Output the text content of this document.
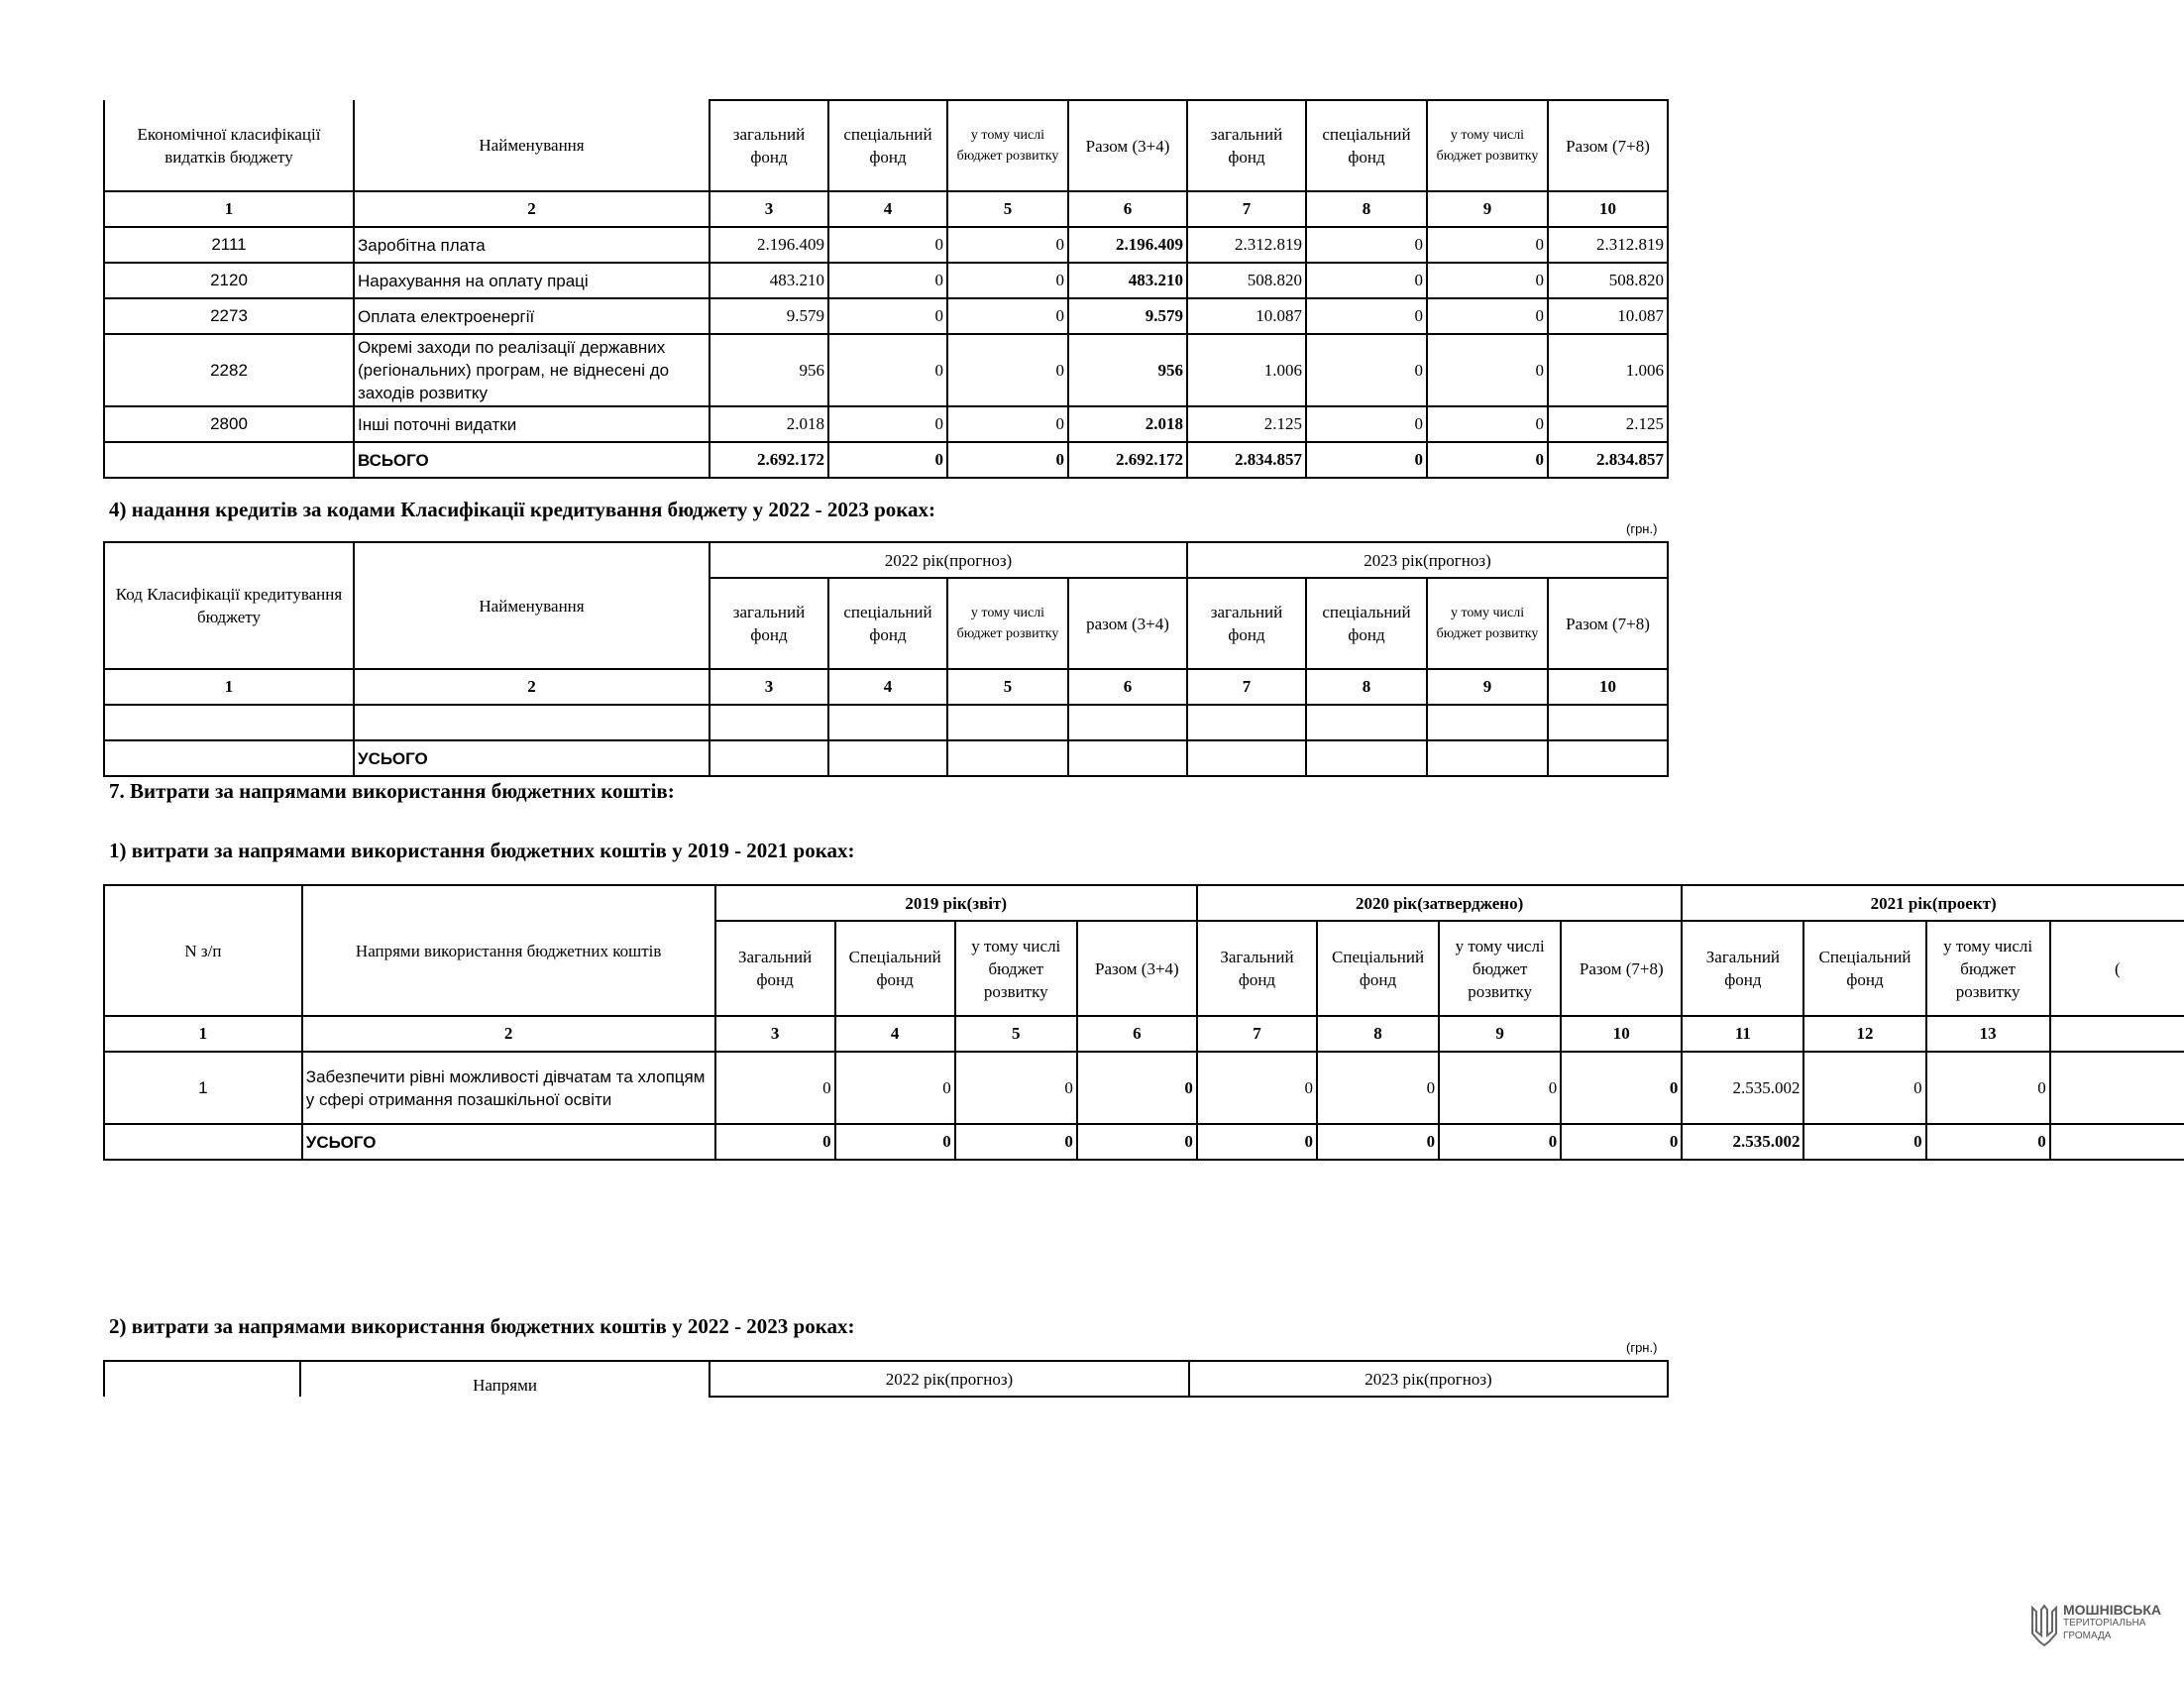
Економічної класифікації видатків бюджету	Найменування	загальний фонд	спеціальний фонд	у тому числі бюджет розвитку	Разом (3+4)	загальний фонд	спеціальний фонд	у тому числі бюджет розвитку	Разом (7+8)
1	2	3	4	5	6	7	8	9	10
2111	Заробітна плата	2.196.409	0	0	2.196.409	2.312.819	0	0	2.312.819
2120	Нарахування на оплату праці	483.210	0	0	483.210	508.820	0	0	508.820
2273	Оплата електроенергії	9.579	0	0	9.579	10.087	0	0	10.087
2282	Окремі заходи по реалізації державних (регіональних) програм, не віднесені до заходів розвитку	956	0	0	956	1.006	0	0	1.006
2800	Інші поточні видатки	2.018	0	0	2.018	2.125	0	0	2.125
	ВСЬОГО	2.692.172	0	0	2.692.172	2.834.857	0	0	2.834.857
4) надання кредитів за кодами Класифікації кредитування бюджету у 2022 - 2023 роках:
(грн.)
Код Класифікації кредитування бюджету	Найменування	2022 рік(прогноз)				2023 рік(прогноз)			
		загальний фонд	спеціальний фонд	у тому числі бюджет розвитку	разом (3+4)	загальний фонд	спеціальний фонд	у тому числі бюджет розвитку	Разом (7+8)
1	2	3	4	5	6	7	8	9	10

	УСЬОГО								
7. Витрати за напрямами використання бюджетних коштів:
1) витрати за напрямами використання бюджетних коштів у 2019 - 2021 роках:
N з/п	Напрями використання бюджетних коштів	2019 рік(звіт)				2020 рік(затверджено)				2021 рік(проект)			
		Загальний фонд	Спеціальний фонд	у тому числі бюджет розвитку	Разом (3+4)	Загальний фонд	Спеціальний фонд	у тому числі бюджет розвитку	Разом (7+8)	Загальний фонд	Спеціальний фонд	у тому числі бюджет розвитку	(
1	2	3	4	5	6	7	8	9	10	11	12	13	
1	Забезпечити рівні можливості дівчатам та хлопцям у сфері отримання позашкільної освіти	0	0	0	0	0	0	0	0	2.535.002	0	0	
	УСЬОГО	0	0	0	0	0	0	0	0	2.535.002	0	0	
2) витрати за напрямами використання бюджетних коштів у 2022 - 2023 роках:
(грн.)
	Напрями	2022 рік(прогноз)	2023 рік(прогноз)
МОШНІВСЬКА
ТЕРИТОРІАЛЬНА
ГРОМАДА
